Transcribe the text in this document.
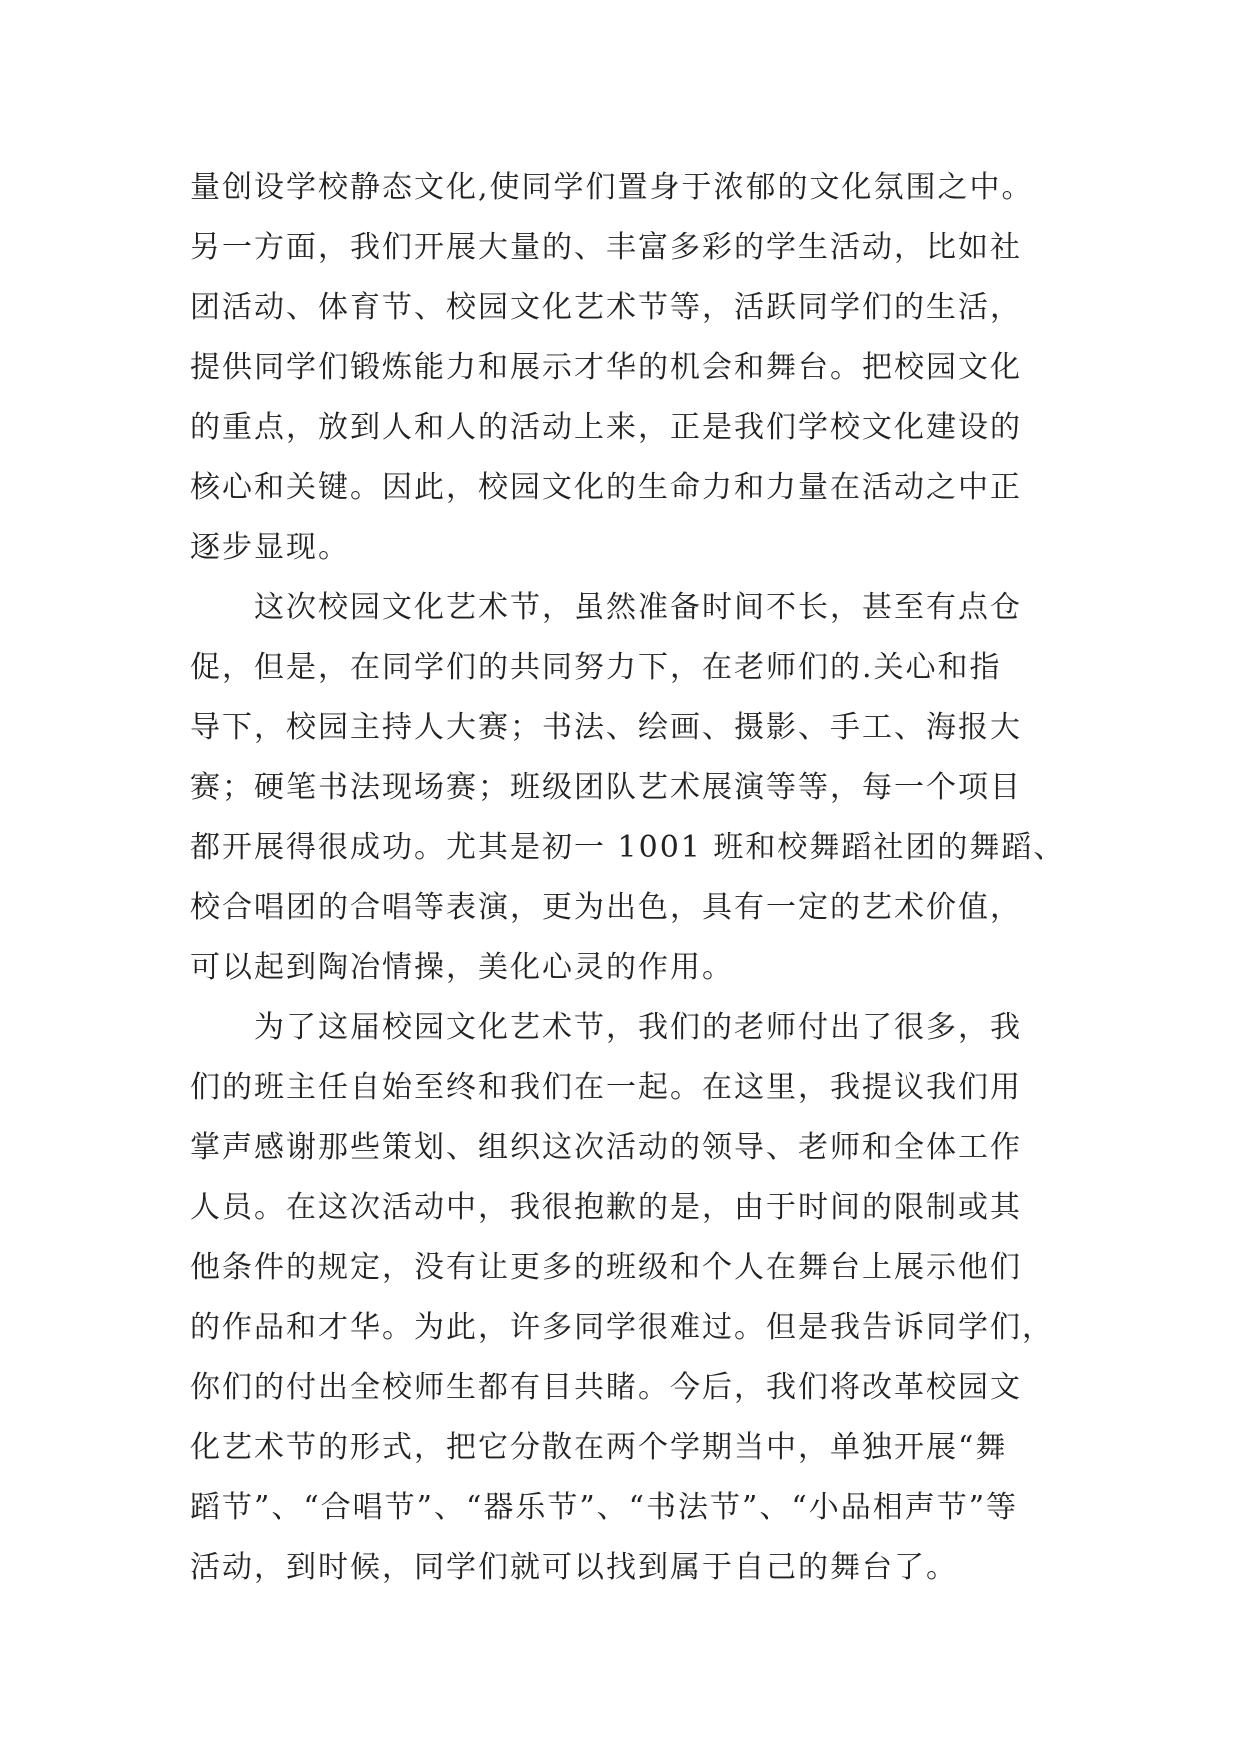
量创设学校静态文化,使同学们置身于浓郁的文化氛围之中。
另一方面，我们开展大量的、丰富多彩的学生活动，比如社
团活动、体育节、校园文化艺术节等，活跃同学们的生活，
提供同学们锻炼能力和展示才华的机会和舞台。把校园文化
的重点，放到人和人的活动上来，正是我们学校文化建设的
核心和关键。因此，校园文化的生命力和力量在活动之中正
逐步显现。
这次校园文化艺术节，虽然准备时间不长，甚至有点仓
促，但是，在同学们的共同努力下，在老师们的.关心和指
导下，校园主持人大赛；书法、绘画、摄影、手工、海报大
赛；硬笔书法现场赛；班级团队艺术展演等等，每一个项目
都开展得很成功。尤其是初一 1001 班和校舞蹈社团的舞蹈、
校合唱团的合唱等表演，更为出色，具有一定的艺术价值，
可以起到陶冶情操，美化心灵的作用。
为了这届校园文化艺术节，我们的老师付出了很多，我
们的班主任自始至终和我们在一起。在这里，我提议我们用
掌声感谢那些策划、组织这次活动的领导、老师和全体工作
人员。在这次活动中，我很抱歉的是，由于时间的限制或其
他条件的规定，没有让更多的班级和个人在舞台上展示他们
的作品和才华。为此，许多同学很难过。但是我告诉同学们，
你们的付出全校师生都有目共睹。今后，我们将改革校园文
化艺术节的形式，把它分散在两个学期当中，单独开展“舞
蹈节”、“合唱节”、“器乐节”、“书法节”、“小品相声节”等
活动，到时候，同学们就可以找到属于自己的舞台了。
